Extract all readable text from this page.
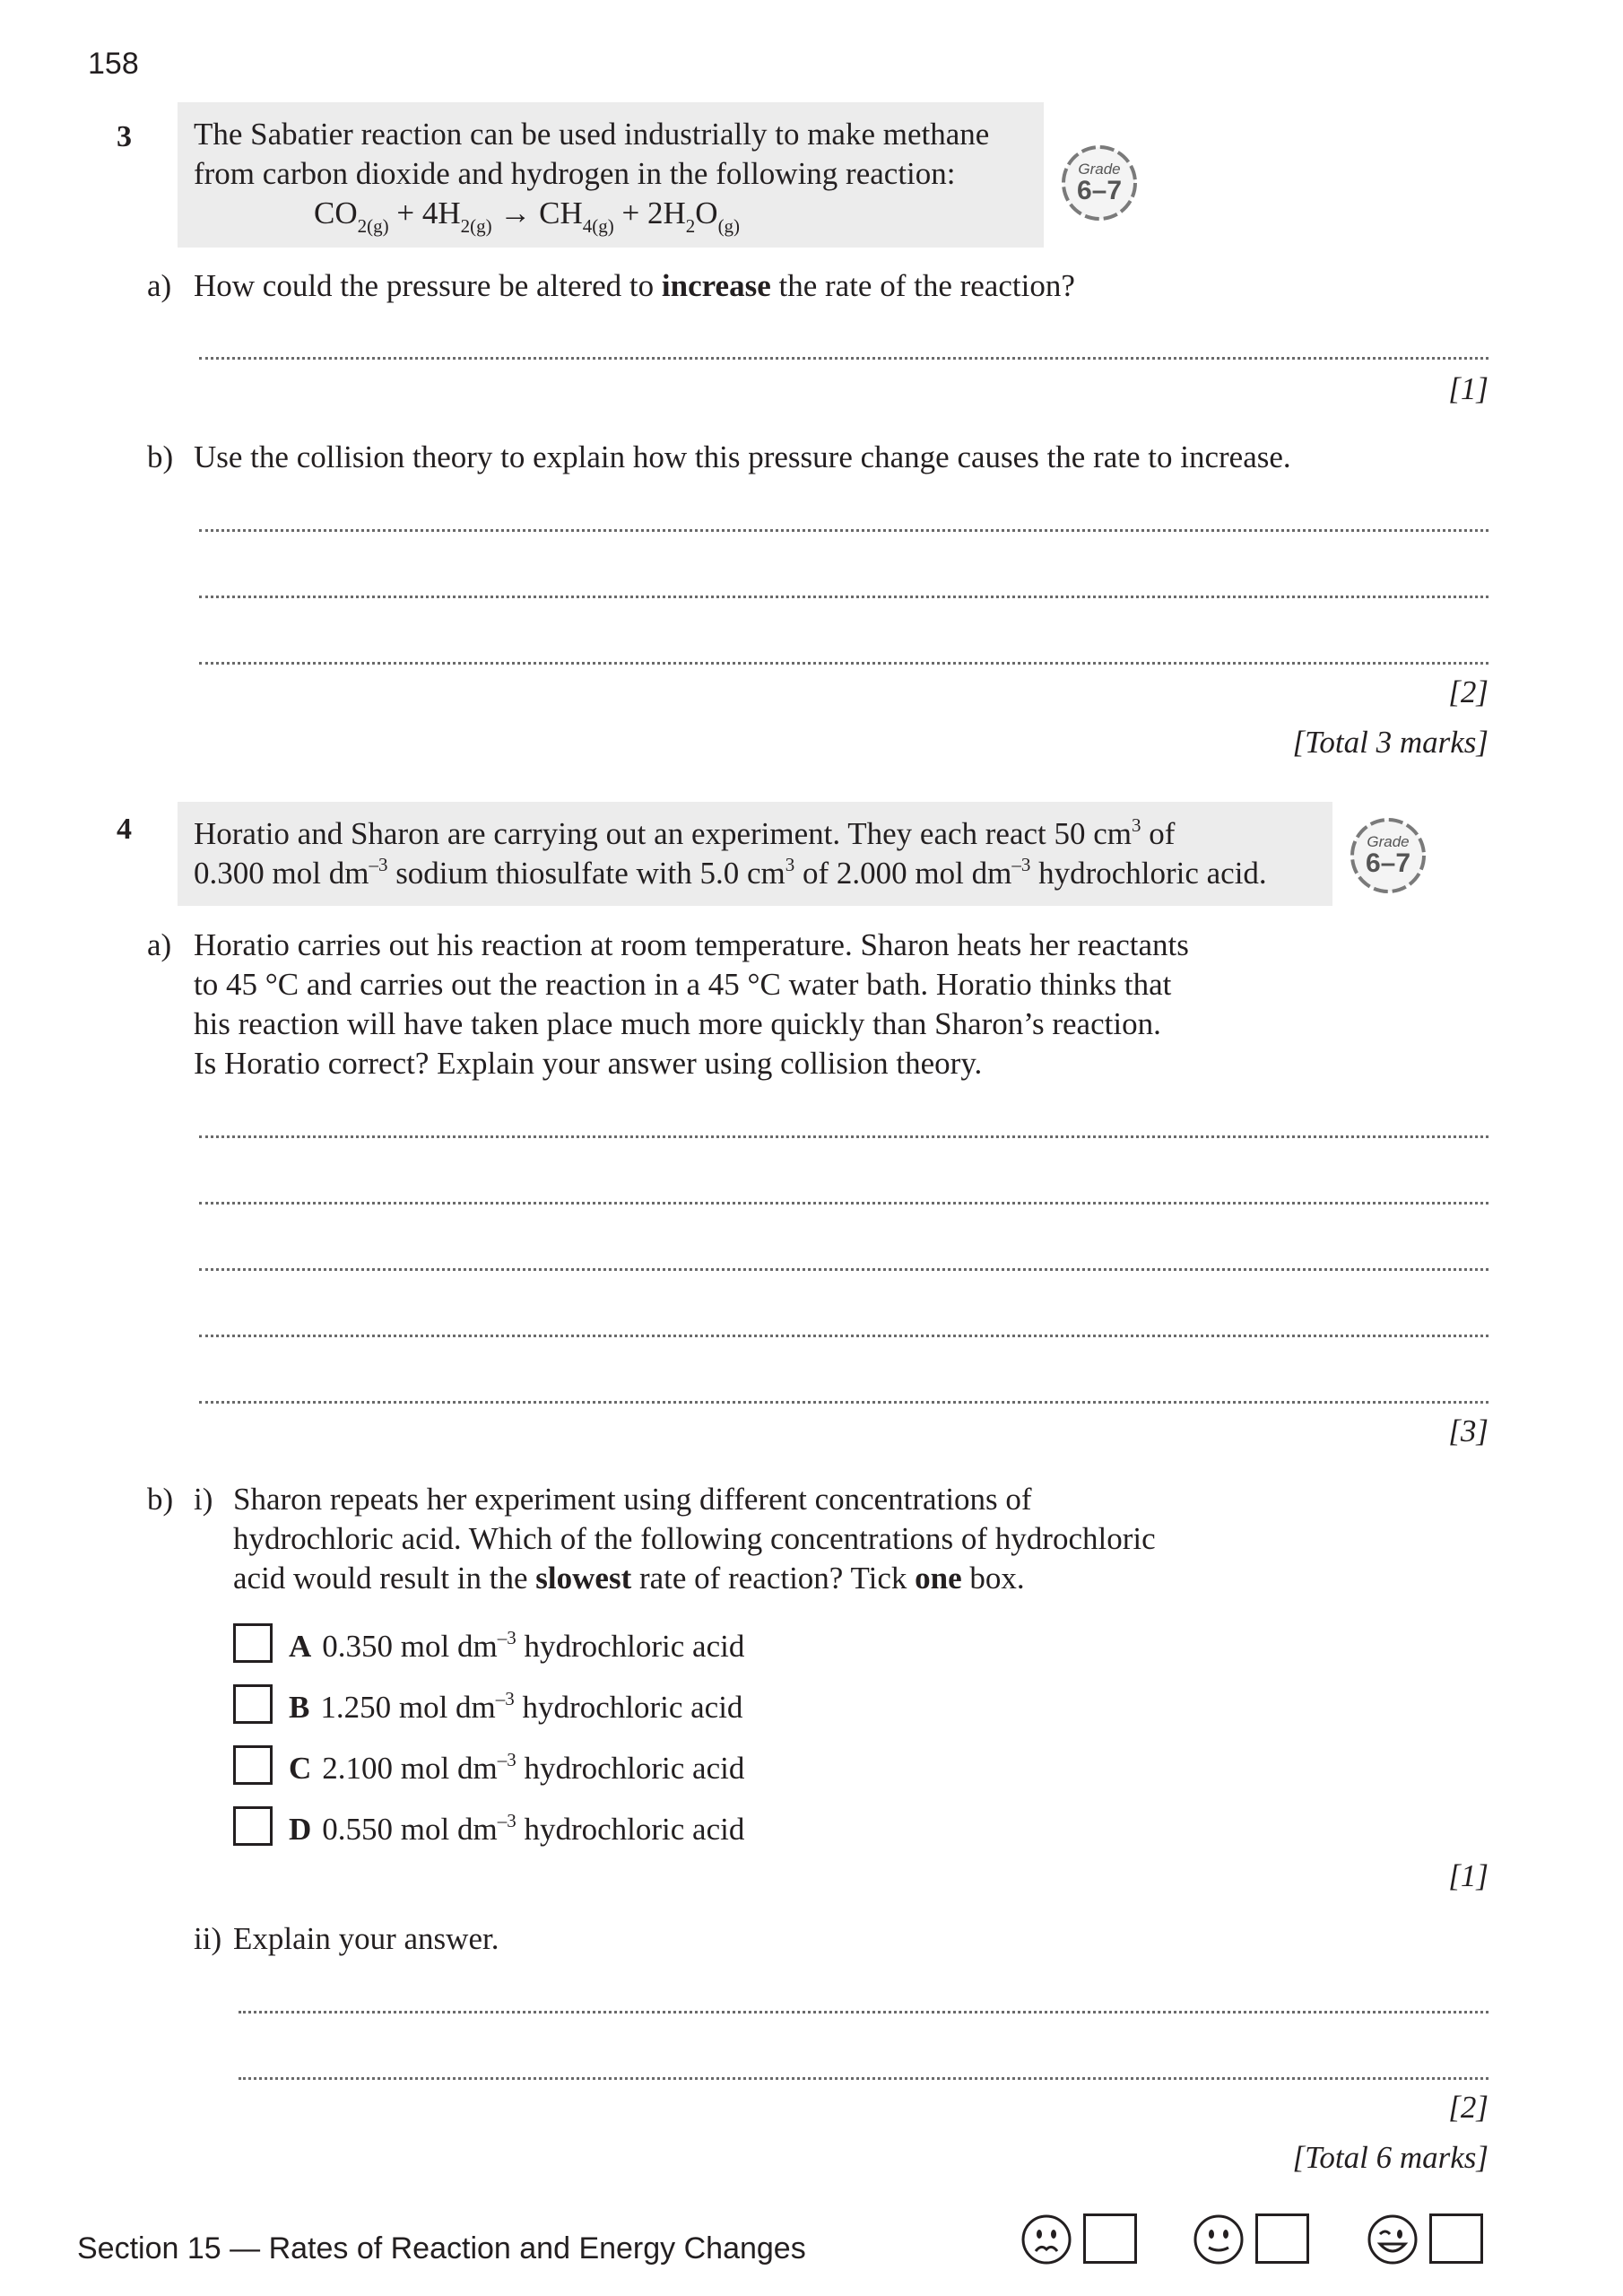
158
3 The Sabatier reaction can be used industrially to make methane
from carbon dioxide and hydrogen in the following reaction:
$CO_{2(g)} + 4H_{2(g)} \to CH_{4(g)} + 2H_2O_{(g)}$
Grade
6–7
a) How could the pressure be altered to increase the rate of the reaction?
[1]
b) Use the collision theory to explain how this pressure change causes the rate to increase.
[2]
[Total 3 marks]
4 Horatio and Sharon are carrying out an experiment. They each react 50 $cm^3$ of
0.300 mol $dm^{-3}$ sodium thiosulfate with 5.0 $cm^3$ of 2.000 mol $dm^{-3}$ hydrochloric acid.
Grade
6–7
a) Horatio carries out his reaction at room temperature. Sharon heats her reactants
to 45 °C and carries out the reaction in a 45 °C water bath. Horatio thinks that
his reaction will have taken place much more quickly than Sharon’s reaction.
Is Horatio correct? Explain your answer using collision theory.
[3]
b) i) Sharon repeats her experiment using different concentrations of
hydrochloric acid. Which of the following concentrations of hydrochloric
acid would result in the slowest rate of reaction? Tick one box.
A 0.350 mol $dm^{-3}$ hydrochloric acid
B 1.250 mol $dm^{-3}$ hydrochloric acid
C 2.100 mol $dm^{-3}$ hydrochloric acid
D 0.550 mol $dm^{-3}$ hydrochloric acid
[1]
ii) Explain your answer.
[2]
[Total 6 marks]
Section 15 — Rates of Reaction and Energy Changes
